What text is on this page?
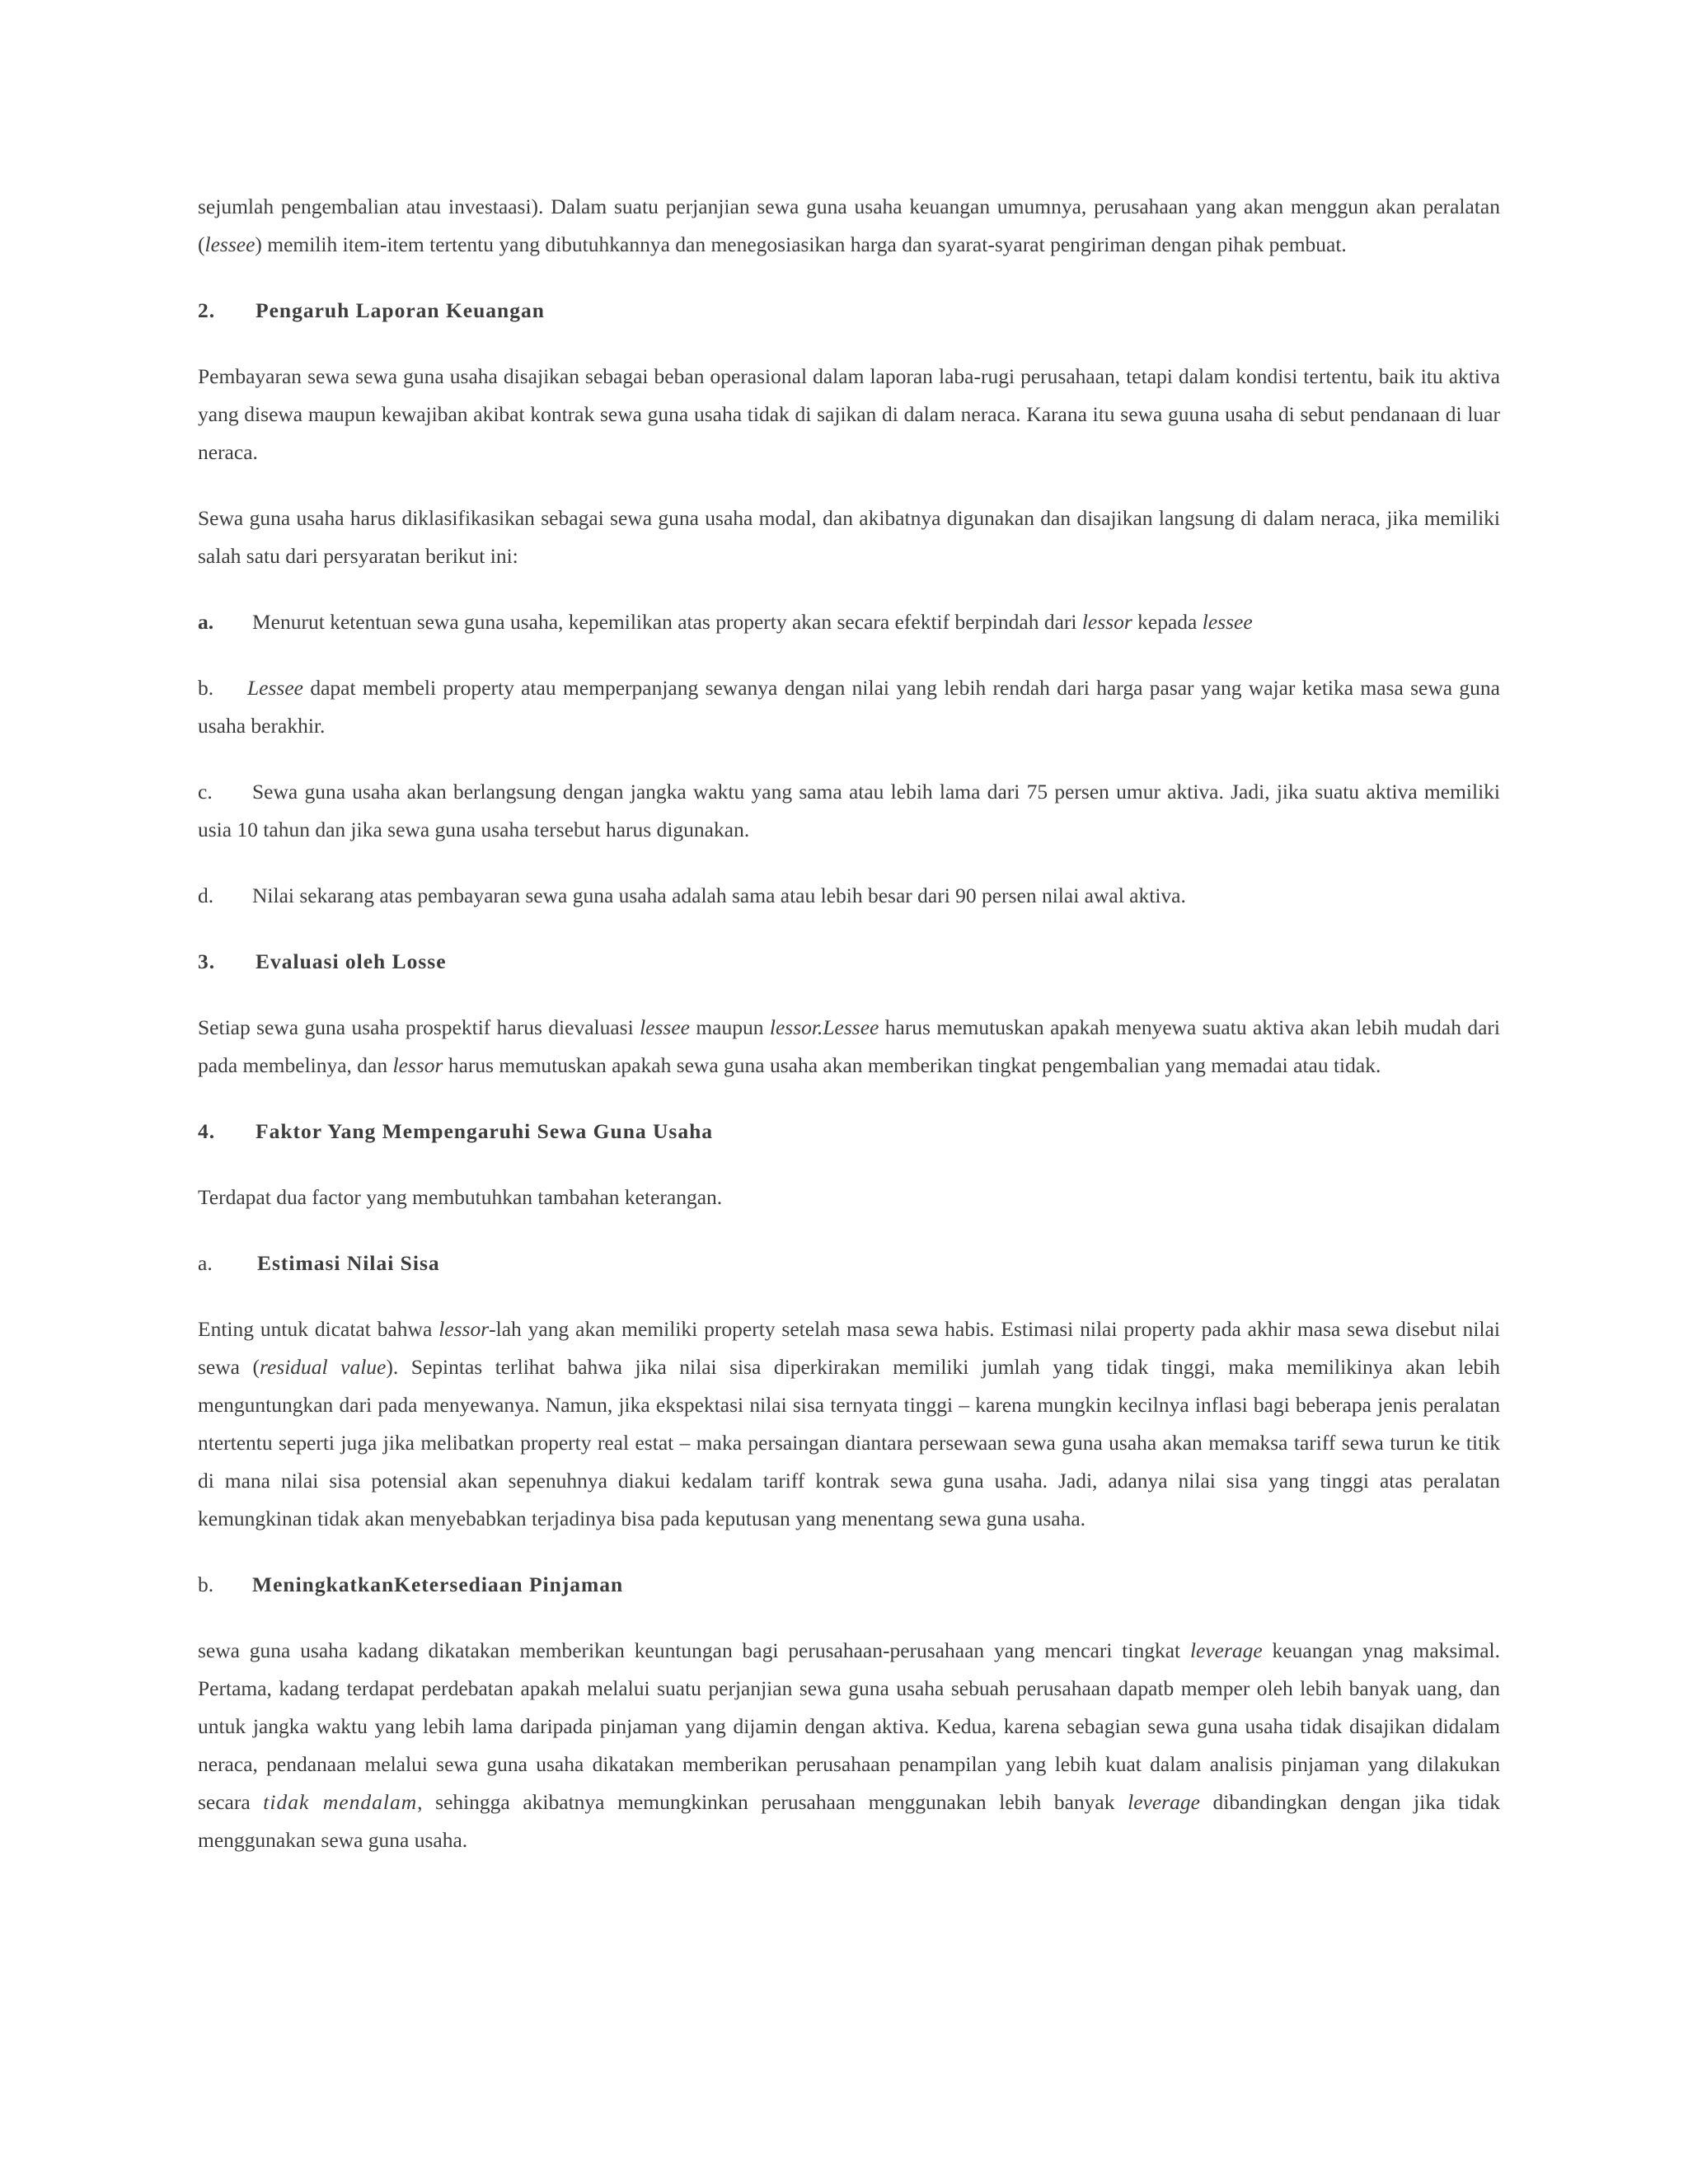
sejumlah pengembalian atau investaasi). Dalam suatu perjanjian sewa guna usaha keuangan umumnya, perusahaan yang akan menggun akan peralatan (lessee) memilih item-item tertentu yang dibutuhkannya dan menegosiasikan harga dan syarat-syarat pengiriman dengan pihak pembuat.

2. Pengaruh Laporan Keuangan

Pembayaran sewa sewa guna usaha disajikan sebagai beban operasional dalam laporan laba-rugi perusahaan, tetapi dalam kondisi tertentu, baik itu aktiva yang disewa maupun kewajiban akibat kontrak sewa guna usaha tidak di sajikan di dalam neraca. Karana itu sewa guuna usaha di sebut pendanaan di luar neraca.

Sewa guna usaha harus diklasifikasikan sebagai sewa guna usaha modal, dan akibatnya digunakan dan disajikan langsung di dalam neraca, jika memiliki salah satu dari persyaratan berikut ini:

a. Menurut ketentuan sewa guna usaha, kepemilikan atas property akan secara efektif berpindah dari lessor kepada lessee

b. Lessee dapat membeli property atau memperpanjang sewanya dengan nilai yang lebih rendah dari harga pasar yang wajar ketika masa sewa guna usaha berakhir.

c. Sewa guna usaha akan berlangsung dengan jangka waktu yang sama atau lebih lama dari 75 persen umur aktiva. Jadi, jika suatu aktiva memiliki usia 10 tahun dan jika sewa guna usaha tersebut harus digunakan.

d. Nilai sekarang atas pembayaran sewa guna usaha adalah sama atau lebih besar dari 90 persen nilai awal aktiva.

3. Evaluasi oleh Losse

Setiap sewa guna usaha prospektif harus dievaluasi lessee maupun lessor.Lessee harus memutuskan apakah menyewa suatu aktiva akan lebih mudah dari pada membelinya, dan lessor harus memutuskan apakah sewa guna usaha akan memberikan tingkat pengembalian yang memadai atau tidak.

4. Faktor Yang Mempengaruhi Sewa Guna Usaha

Terdapat dua factor yang membutuhkan tambahan keterangan.

a. Estimasi Nilai Sisa

Enting untuk dicatat bahwa lessor-lah yang akan memiliki property setelah masa sewa habis. Estimasi nilai property pada akhir masa sewa disebut nilai sewa (residual value). Sepintas terlihat bahwa jika nilai sisa diperkirakan memiliki jumlah yang tidak tinggi, maka memilikinya akan lebih menguntungkan dari pada menyewanya. Namun, jika ekspektasi nilai sisa ternyata tinggi – karena mungkin kecilnya inflasi bagi beberapa jenis peralatan ntertentu seperti juga jika melibatkan property real estat – maka persaingan diantara persewaan sewa guna usaha akan memaksa tariff sewa turun ke titik di mana nilai sisa potensial akan sepenuhnya diakui kedalam tariff kontrak sewa guna usaha. Jadi, adanya nilai sisa yang tinggi atas peralatan kemungkinan tidak akan menyebabkan terjadinya bisa pada keputusan yang menentang sewa guna usaha.

b. MeningkatkanKetersediaan Pinjaman

sewa guna usaha kadang dikatakan memberikan keuntungan bagi perusahaan-perusahaan yang mencari tingkat leverage keuangan ynag maksimal. Pertama, kadang terdapat perdebatan apakah melalui suatu perjanjian sewa guna usaha sebuah perusahaan dapatb memper oleh lebih banyak uang, dan untuk jangka waktu yang lebih lama daripada pinjaman yang dijamin dengan aktiva. Kedua, karena sebagian sewa guna usaha tidak disajikan didalam neraca, pendanaan melalui sewa guna usaha dikatakan memberikan perusahaan penampilan yang lebih kuat dalam analisis pinjaman yang dilakukan secara tidak mendalam, sehingga akibatnya memungkinkan perusahaan menggunakan lebih banyak leverage dibandingkan dengan jika tidak menggunakan sewa guna usaha.
